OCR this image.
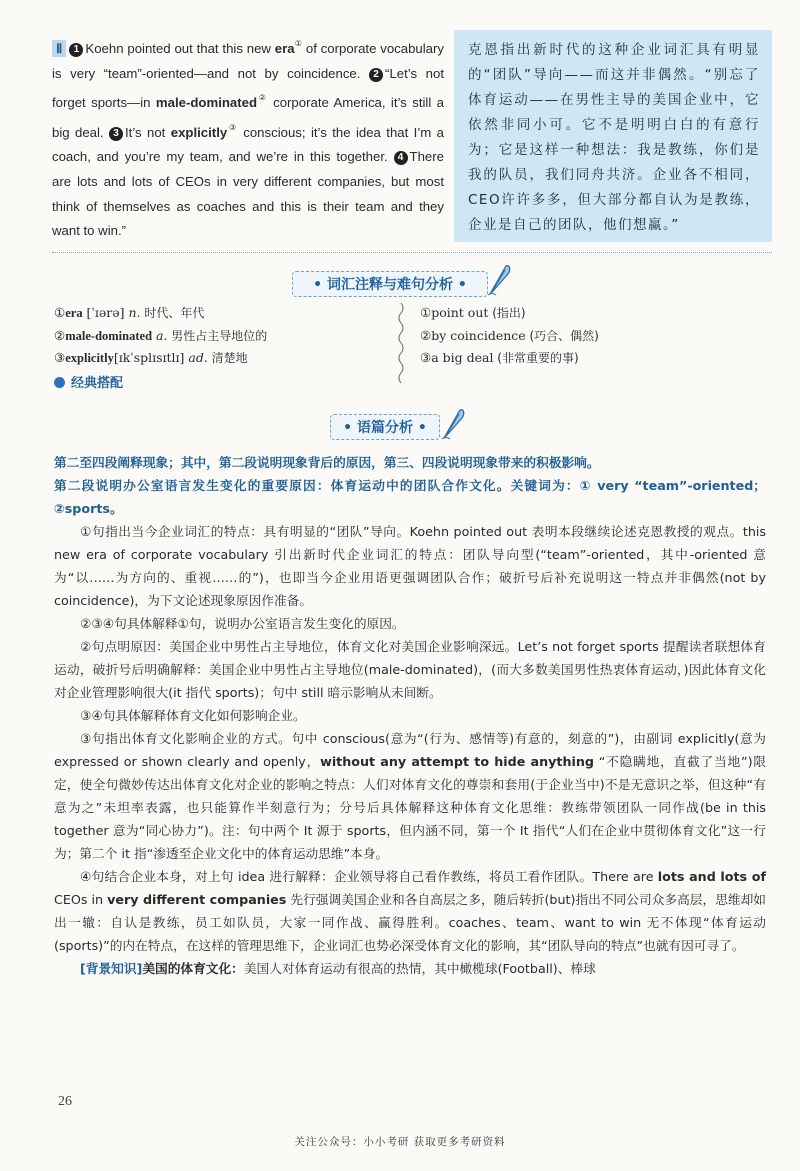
Ⅱ 1 Koehn pointed out that this new era① of corporate vocabulary is very “team”-oriented—and not by coincidence. 2 “Let’s not forget sports—in male-dominated② corporate America, it’s still a big deal. 3 It’s not explicitly③ conscious; it’s the idea that I’m a coach, and you’re my team, and we’re in this together. 4 There are lots and lots of CEOs in very different companies, but most think of themselves as coaches and this is their team and they want to win.”
克恩指出新时代的这种企业词汇具有明显的“团队”导向——而这并非偶然。“别忘了体育运动——在男性主导的美国企业中，它依然非同小可。它不是明明白白的有意行为；它是这样一种想法：我是教练，你们是我的队员，我们同舟共济。企业各不相同，CEO许许多多，但大部分都自认为是教练，企业是自己的团队，他们想赢。”
• 词汇注释与难句分析 •
①era [ˈɪərə] n. 时代、年代
②male-dominated a. 男性占主导地位的
③explicitly[ɪkˈsplɪsɪtlɪ] ad. 清楚地
①point out (指出)
②by coincidence (巧合、偶然)
③a big deal (非常重要的事)
经典搭配
• 语篇分析 •

第二至四段阐释现象；其中，第二段说明现象背后的原因，第三、四段说明现象带来的积极影响。

第二段说明办公室语言发生变化的重要原因：体育运动中的团队合作文化。关键词为：① very “team”-oriented；②sports。

①句指出当今企业词汇的特点：具有明显的“团队”导向。Koehn pointed out 表明本段继续论述克恩教授的观点。this new era of corporate vocabulary 引出新时代企业词汇的特点：团队导向型(“team”-oriented，其中-oriented 意为“以……为方向的、重视……的”)，也即当今企业用语更强调团队合作；破折号后补充说明这一特点并非偶然(not by coincidence)，为下文论述现象原因作准备。

②③④句具体解释①句，说明办公室语言发生变化的原因。

②句点明原因：美国企业中男性占主导地位，体育文化对美国企业影响深远。Let’s not forget sports 提醒读者联想体育运动，破折号后明确解释：美国企业中男性占主导地位(male-dominated)，(而大多数美国男性热衷体育运动，)因此体育文化对企业管理影响很大(it 指代 sports)；句中 still 暗示影响从未间断。

③④句具体解释体育文化如何影响企业。

③句指出体育文化影响企业的方式。句中 conscious(意为“(行为、感情等)有意的，刻意的”)，由副词 explicitly(意为 expressed or shown clearly and openly，without any attempt to hide anything “不隐瞒地，直截了当地”)限定，使全句微妙传达出体育文化对企业的影响之特点：人们对体育文化的尊崇和套用(于企业当中)不是无意识之举，但这种“有意为之”未坦率表露，也只能算作半刻意行为；分号后具体解释这种体育文化思维：教练带领团队一同作战(be in this together 意为“同心协力”)。注：句中两个 It 源于 sports，但内涵不同，第一个 It 指代“人们在企业中贯彻体育文化”这一行为；第二个 it 指“渗透至企业文化中的体育运动思维”本身。

④句结合企业本身，对上句 idea 进行解释：企业领导将自己看作教练，将员工看作团队。There are lots and lots of CEOs in very different companies 先行强调美国企业和各自高层之多，随后转折(but)指出不同公司众多高层，思维却如出一辙：自认是教练，员工如队员，大家一同作战、赢得胜利。coaches、team、want to win 无不体现“体育运动(sports)”的内在特点，在这样的管理思维下，企业词汇也势必深受体育文化的影响，其“团队导向的特点”也就有因可寻了。

[背景知识]美国的体育文化：美国人对体育运动有很高的热情，其中橄榄球(Football)、棒球

26
关注公众号：小小考研 获取更多考研资料
